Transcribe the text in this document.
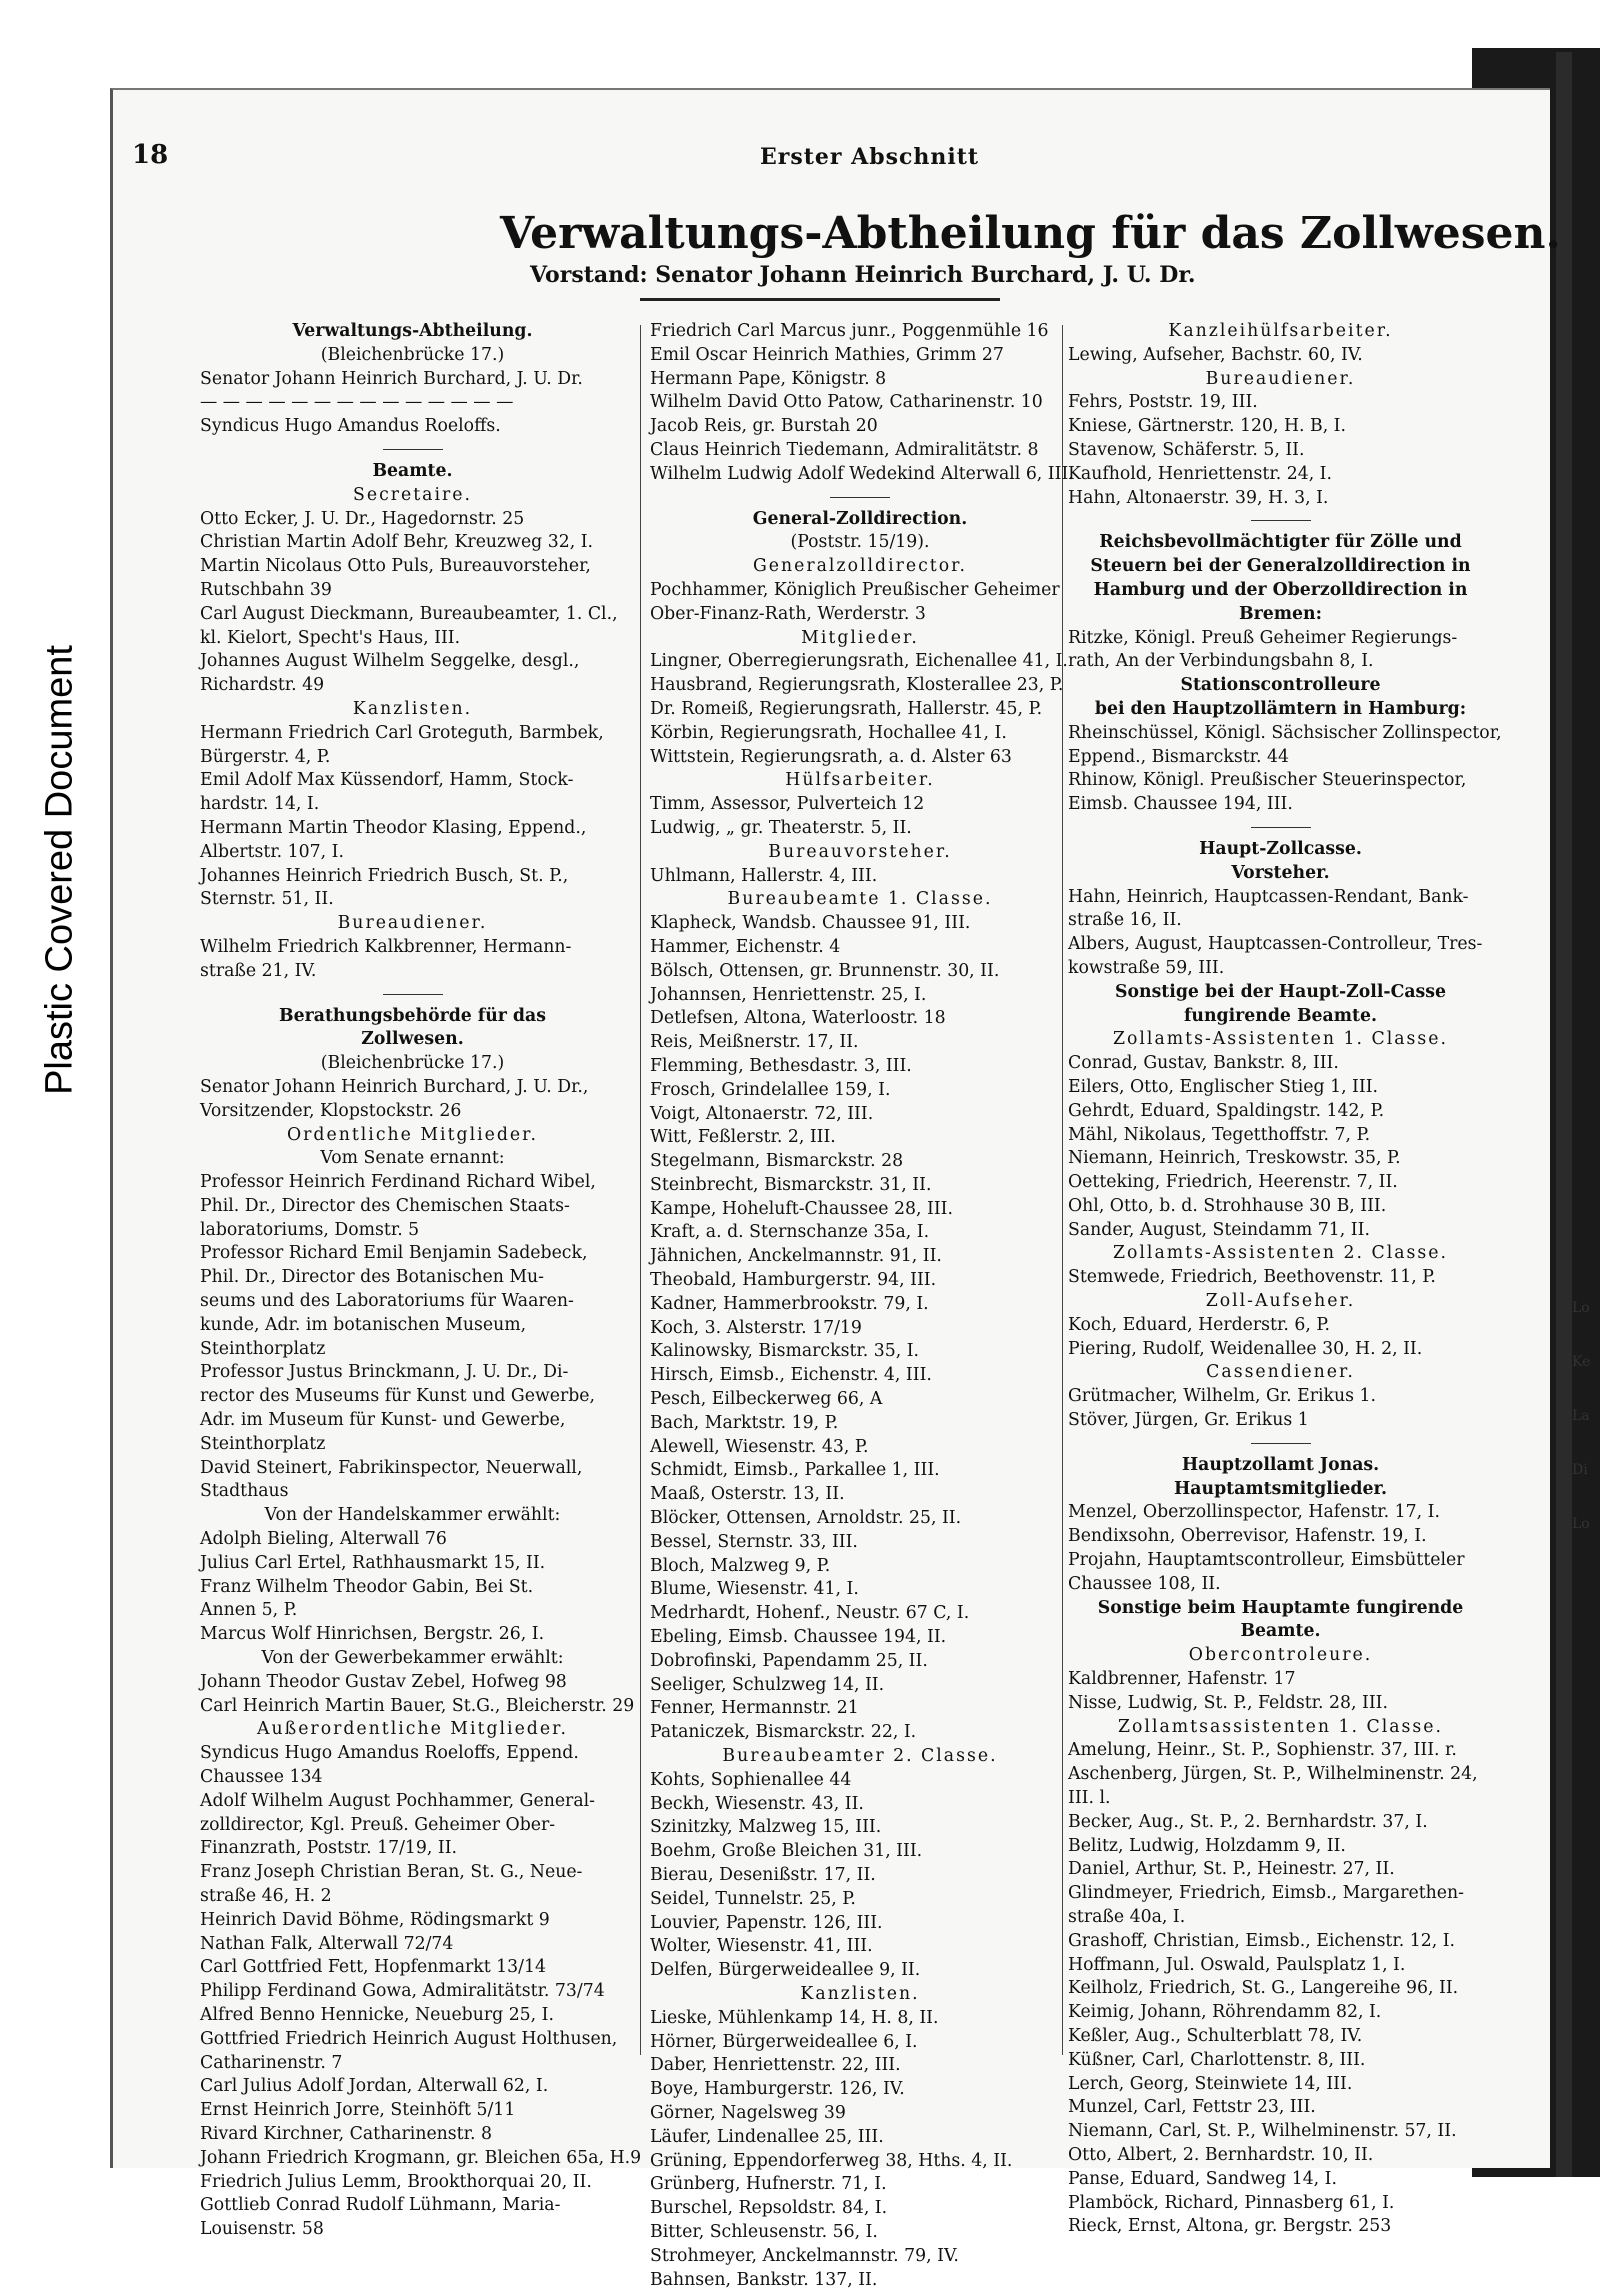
Plastic Covered Document
18	Erster Abschnitt
Verwaltungs-Abtheilung für das Zollwesen.
Vorstand: Senator Johann Heinrich Burchard, J. U. Dr.
Verwaltungs-Abtheilung.
(Bleichenbrücke 17.)
Senator Johann Heinrich Burchard, J. U. Dr.
— — — — — — — — — — — — — —
Syndicus Hugo Amandus Roeloffs.
Beamte.
Secretaire.
Otto Ecker, J. U. Dr., Hagedornstr. 25
Christian Martin Adolf Behr, Kreuzweg 32, I.
Martin Nicolaus Otto Puls, Bureauvorsteher,
Rutschbahn 39
Carl August Dieckmann, Bureaubeamter, 1. Cl.,
kl. Kielort, Specht's Haus, III.
Johannes August Wilhelm Seggelke, desgl.,
Richardstr. 49
Kanzlisten.
Hermann Friedrich Carl Groteguth, Barmbek,
Bürgerstr. 4, P.
Emil Adolf Max Küssendorf, Hamm, Stock-
hardstr. 14, I.
Hermann Martin Theodor Klasing, Eppend.,
Albertstr. 107, I.
Johannes Heinrich Friedrich Busch, St. P.,
Sternstr. 51, II.
Bureaudiener.
Wilhelm Friedrich Kalkbrenner, Hermann-
straße 21, IV.
Berathungsbehörde für das
Zollwesen.
(Bleichenbrücke 17.)
Senator Johann Heinrich Burchard, J. U. Dr.,
Vorsitzender, Klopstockstr. 26
Ordentliche Mitglieder.
Vom Senate ernannt:
Professor Heinrich Ferdinand Richard Wibel,
Phil. Dr., Director des Chemischen Staats-
laboratoriums, Domstr. 5
Professor Richard Emil Benjamin Sadebeck,
Phil. Dr., Director des Botanischen Mu-
seums und des Laboratoriums für Waaren-
kunde, Adr. im botanischen Museum,
Steinthorplatz
Professor Justus Brinckmann, J. U. Dr., Di-
rector des Museums für Kunst und Gewerbe,
Adr. im Museum für Kunst- und Gewerbe,
Steinthorplatz
David Steinert, Fabrikinspector, Neuerwall,
Stadthaus
Von der Handelskammer erwählt:
Adolph Bieling, Alterwall 76
Julius Carl Ertel, Rathhausmarkt 15, II.
Franz Wilhelm Theodor Gabin, Bei St.
Annen 5, P.
Marcus Wolf Hinrichsen, Bergstr. 26, I.
Von der Gewerbekammer erwählt:
Johann Theodor Gustav Zebel, Hofweg 98
Carl Heinrich Martin Bauer, St.G., Bleicherstr. 29
Außerordentliche Mitglieder.
Syndicus Hugo Amandus Roeloffs, Eppend.
Chaussee 134
Adolf Wilhelm August Pochhammer, General-
zolldirector, Kgl. Preuß. Geheimer Ober-
Finanzrath, Poststr. 17/19, II.
Franz Joseph Christian Beran, St. G., Neue-
straße 46, H. 2
Heinrich David Böhme, Rödingsmarkt 9
Nathan Falk, Alterwall 72/74
Carl Gottfried Fett, Hopfenmarkt 13/14
Philipp Ferdinand Gowa, Admiralitätstr. 73/74
Alfred Benno Hennicke, Neueburg 25, I.
Gottfried Friedrich Heinrich August Holthusen,
Catharinenstr. 7
Carl Julius Adolf Jordan, Alterwall 62, I.
Ernst Heinrich Jorre, Steinhöft 5/11
Rivard Kirchner, Catharinenstr. 8
Johann Friedrich Krogmann, gr. Bleichen 65a, H.9
Friedrich Julius Lemm, Brookthorquai 20, II.
Gottlieb Conrad Rudolf Lühmann, Maria-
Louisenstr. 58
Friedrich Carl Marcus junr., Poggenmühle 16
Emil Oscar Heinrich Mathies, Grimm 27
Hermann Pape, Königstr. 8
Wilhelm David Otto Patow, Catharinenstr. 10
Jacob Reis, gr. Burstah 20
Claus Heinrich Tiedemann, Admiralitätstr. 8
Wilhelm Ludwig Adolf Wedekind Alterwall 6, III.
General-Zolldirection.
(Poststr. 15/19).
Generalzolldirector.
Pochhammer, Königlich Preußischer Geheimer
Ober-Finanz-Rath, Werderstr. 3
Mitglieder.
Lingner, Oberregierungsrath, Eichenallee 41, I.
Hausbrand, Regierungsrath, Klosterallee 23, P.
Dr. Romeiß, Regierungsrath, Hallerstr. 45, P.
Körbin, Regierungsrath, Hochallee 41, I.
Wittstein, Regierungsrath, a. d. Alster 63
Hülfsarbeiter.
Timm, Assessor, Pulverteich 12
Ludwig, „ gr. Theaterstr. 5, II.
Bureauvorsteher.
Uhlmann, Hallerstr. 4, III.
Bureaubeamte 1. Classe.
Klapheck, Wandsb. Chaussee 91, III.
Hammer, Eichenstr. 4
Bölsch, Ottensen, gr. Brunnenstr. 30, II.
Johannsen, Henriettenstr. 25, I.
Detlefsen, Altona, Waterloostr. 18
Reis, Meißnerstr. 17, II.
Flemming, Bethesdastr. 3, III.
Frosch, Grindelallee 159, I.
Voigt, Altonaerstr. 72, III.
Witt, Feßlerstr. 2, III.
Stegelmann, Bismarckstr. 28
Steinbrecht, Bismarckstr. 31, II.
Kampe, Hoheluft-Chaussee 28, III.
Kraft, a. d. Sternschanze 35a, I.
Jähnichen, Anckelmannstr. 91, II.
Theobald, Hamburgerstr. 94, III.
Kadner, Hammerbrookstr. 79, I.
Koch, 3. Alsterstr. 17/19
Kalinowsky, Bismarckstr. 35, I.
Hirsch, Eimsb., Eichenstr. 4, III.
Pesch, Eilbeckerweg 66, A
Bach, Marktstr. 19, P.
Alewell, Wiesenstr. 43, P.
Schmidt, Eimsb., Parkallee 1, III.
Maaß, Osterstr. 13, II.
Blöcker, Ottensen, Arnoldstr. 25, II.
Bessel, Sternstr. 33, III.
Bloch, Malzweg 9, P.
Blume, Wiesenstr. 41, I.
Medrhardt, Hohenf., Neustr. 67 C, I.
Ebeling, Eimsb. Chaussee 194, II.
Dobrofinski, Papendamm 25, II.
Seeliger, Schulzweg 14, II.
Fenner, Hermannstr. 21
Pataniczek, Bismarckstr. 22, I.
Bureaubeamter 2. Classe.
Kohts, Sophienallee 44
Beckh, Wiesenstr. 43, II.
Szinitzky, Malzweg 15, III.
Boehm, Große Bleichen 31, III.
Bierau, Desenißstr. 17, II.
Seidel, Tunnelstr. 25, P.
Louvier, Papenstr. 126, III.
Wolter, Wiesenstr. 41, III.
Delfen, Bürgerweideallee 9, II.
Kanzlisten.
Lieske, Mühlenkamp 14, H. 8, II.
Hörner, Bürgerweideallee 6, I.
Daber, Henriettenstr. 22, III.
Boye, Hamburgerstr. 126, IV.
Görner, Nagelsweg 39
Läufer, Lindenallee 25, III.
Grüning, Eppendorferweg 38, Hths. 4, II.
Grünberg, Hufnerstr. 71, I.
Burschel, Repsoldstr. 84, I.
Bitter, Schleusenstr. 56, I.
Strohmeyer, Anckelmannstr. 79, IV.
Bahnsen, Bankstr. 137, II.
Kanzleihülfsarbeiter.
Lewing, Aufseher, Bachstr. 60, IV.
Bureaudiener.
Fehrs, Poststr. 19, III.
Kniese, Gärtnerstr. 120, H. B, I.
Stavenow, Schäferstr. 5, II.
Kaufhold, Henriettenstr. 24, I.
Hahn, Altonaerstr. 39, H. 3, I.
Reichsbevollmächtigter für Zölle und
Steuern bei der Generalzolldirection in
Hamburg und der Oberzolldirection in
Bremen:
Ritzke, Königl. Preuß Geheimer Regierungs-
rath, An der Verbindungsbahn 8, I.
Stationscontrolleure
bei den Hauptzollämtern in Hamburg:
Rheinschüssel, Königl. Sächsischer Zollinspector,
Eppend., Bismarckstr. 44
Rhinow, Königl. Preußischer Steuerinspector,
Eimsb. Chaussee 194, III.
Haupt-Zollcasse.
Vorsteher.
Hahn, Heinrich, Hauptcassen-Rendant, Bank-
straße 16, II.
Albers, August, Hauptcassen-Controlleur, Tres-
kowstraße 59, III.
Sonstige bei der Haupt-Zoll-Casse
fungirende Beamte.
Zollamts-Assistenten 1. Classe.
Conrad, Gustav, Bankstr. 8, III.
Eilers, Otto, Englischer Stieg 1, III.
Gehrdt, Eduard, Spaldingstr. 142, P.
Mähl, Nikolaus, Tegetthoffstr. 7, P.
Niemann, Heinrich, Treskowstr. 35, P.
Oetteking, Friedrich, Heerenstr. 7, II.
Ohl, Otto, b. d. Strohhause 30 B, III.
Sander, August, Steindamm 71, II.
Zollamts-Assistenten 2. Classe.
Stemwede, Friedrich, Beethovenstr. 11, P.
Zoll-Aufseher.
Koch, Eduard, Herderstr. 6, P.
Piering, Rudolf, Weidenallee 30, H. 2, II.
Cassendiener.
Grütmacher, Wilhelm, Gr. Erikus 1.
Stöver, Jürgen, Gr. Erikus 1
Hauptzollamt Jonas.
Hauptamtsmitglieder.
Menzel, Oberzollinspector, Hafenstr. 17, I.
Bendixsohn, Oberrevisor, Hafenstr. 19, I.
Projahn, Hauptamtscontrolleur, Eimsbütteler
Chaussee 108, II.
Sonstige beim Hauptamte fungirende
Beamte.
Obercontroleure.
Kaldbrenner, Hafenstr. 17
Nisse, Ludwig, St. P., Feldstr. 28, III.
Zollamtsassistenten 1. Classe.
Amelung, Heinr., St. P., Sophienstr. 37, III. r.
Aschenberg, Jürgen, St. P., Wilhelminenstr. 24,
III. l.
Becker, Aug., St. P., 2. Bernhardstr. 37, I.
Belitz, Ludwig, Holzdamm 9, II.
Daniel, Arthur, St. P., Heinestr. 27, II.
Glindmeyer, Friedrich, Eimsb., Margarethen-
straße 40a, I.
Grashoff, Christian, Eimsb., Eichenstr. 12, I.
Hoffmann, Jul. Oswald, Paulsplatz 1, I.
Keilholz, Friedrich, St. G., Langereihe 96, II.
Keimig, Johann, Röhrendamm 82, I.
Keßler, Aug., Schulterblatt 78, IV.
Küßner, Carl, Charlottenstr. 8, III.
Lerch, Georg, Steinwiete 14, III.
Munzel, Carl, Fettstr 23, III.
Niemann, Carl, St. P., Wilhelminenstr. 57, II.
Otto, Albert, 2. Bernhardstr. 10, II.
Panse, Eduard, Sandweg 14, I.
Plamböck, Richard, Pinnasberg 61, I.
Rieck, Ernst, Altona, gr. Bergstr. 253
Lo
Ke
La
Di
Lo
